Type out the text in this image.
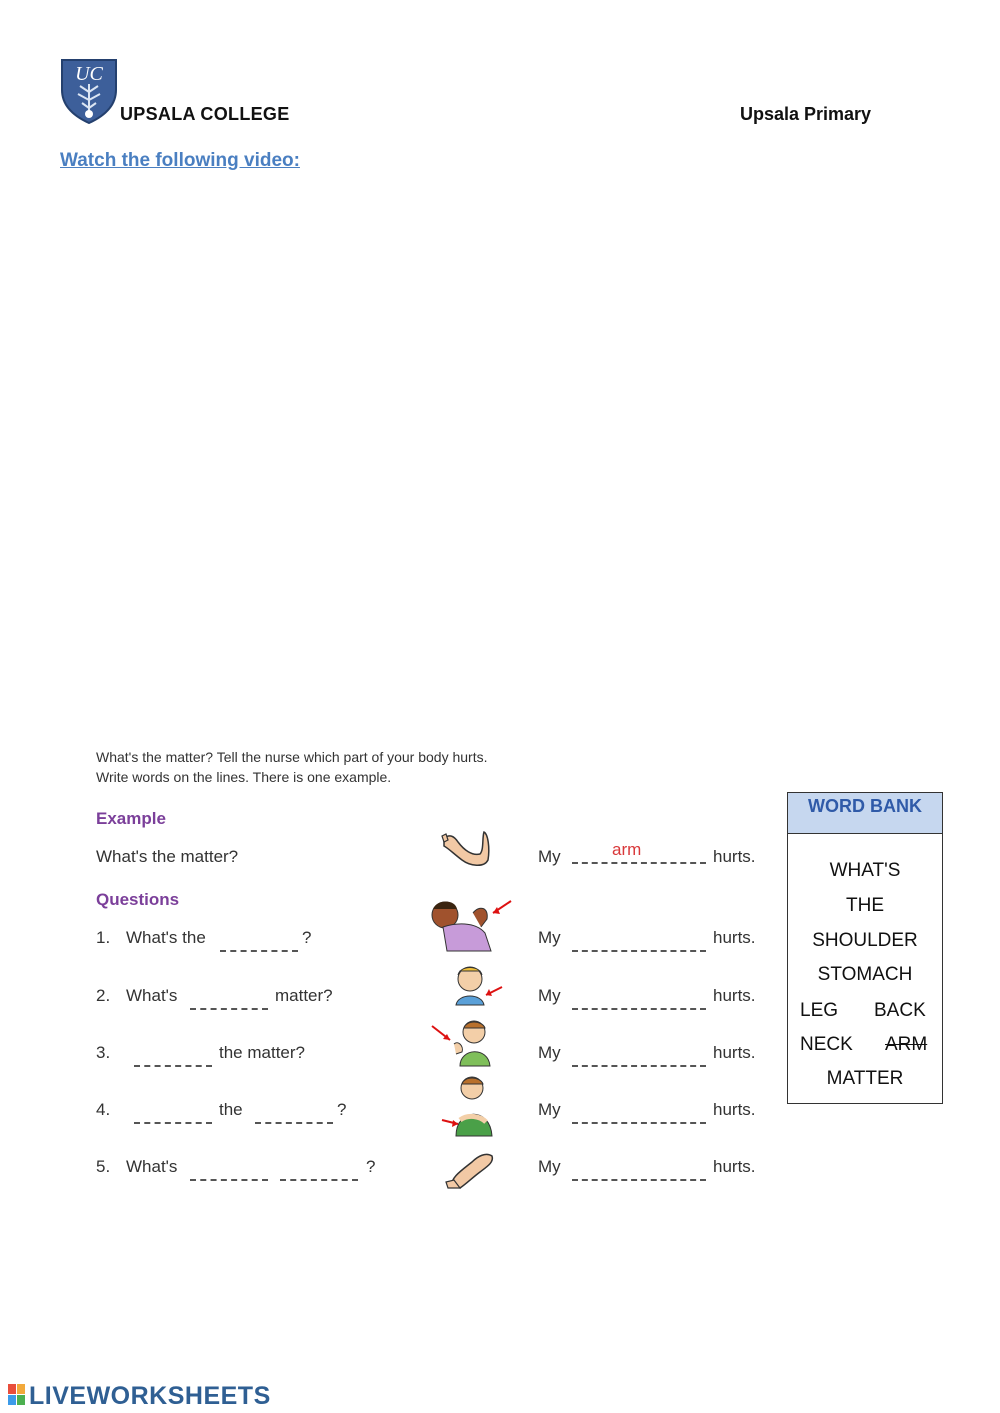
UC
UPSALA COLLEGE	Upsala Primary
Watch the following video:
What's the matter? Tell the nurse which part of your body hurts.
Write words on the lines. There is one example.
Example
What's the matter?	My	arm	hurts.
Questions
1. What's the	?	My	hurts.
2. What's	matter?	My	hurts.
3.	the matter?	My	hurts.
4.	the	?	My	hurts.
5. What's	?	My	hurts.
WORD BANK
WHAT'S
THE
SHOULDER
STOMACH
LEG BACK
NECK ARM
MATTER
LIVEWORKSHEETS
